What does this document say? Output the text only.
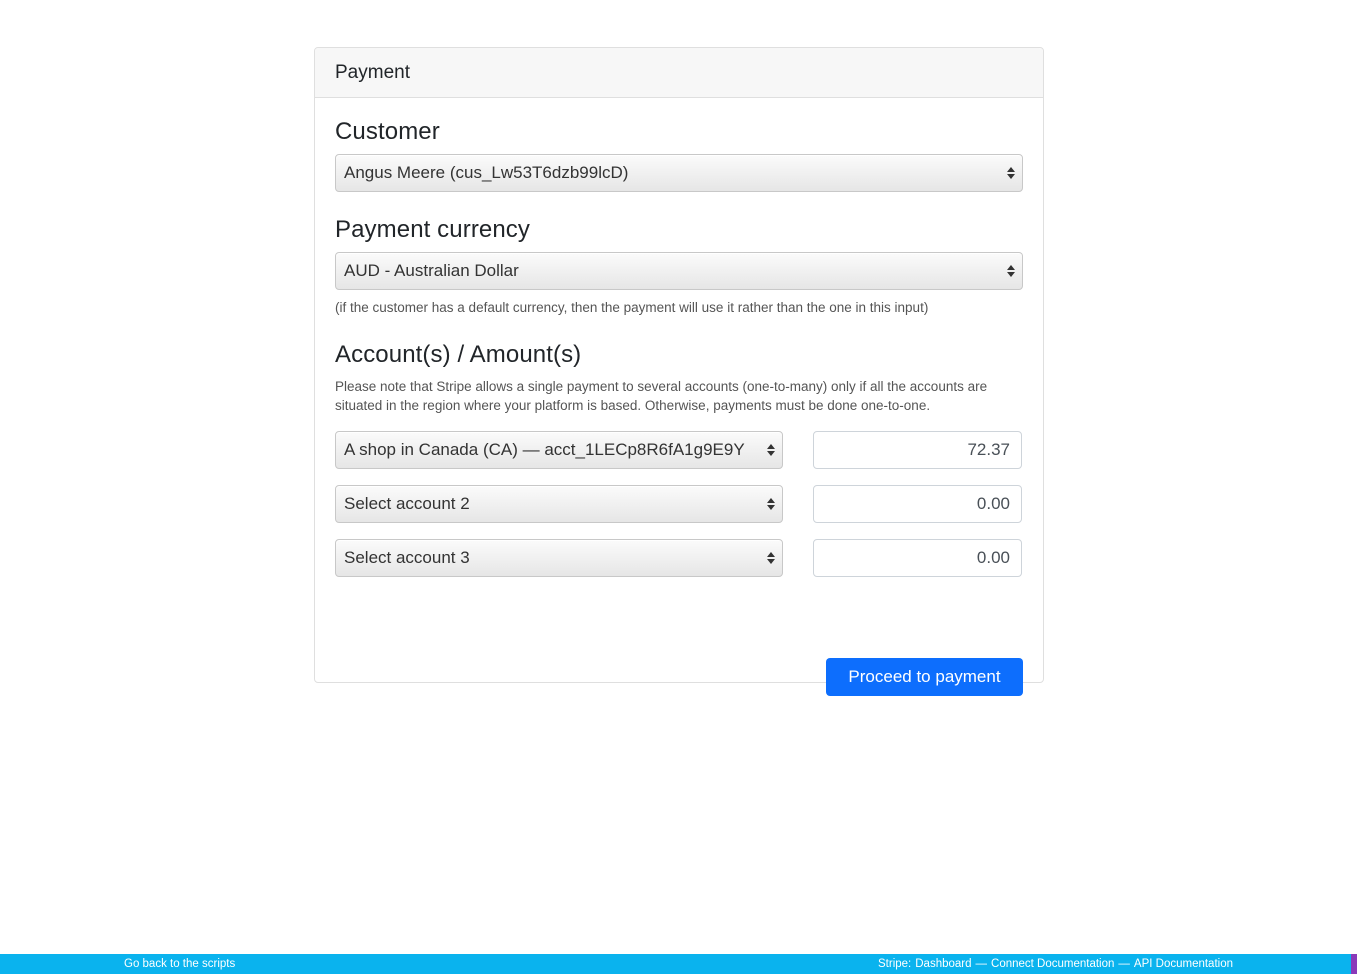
Payment
Customer
Angus Meere (cus_Lw53T6dzb99lcD)
Payment currency
AUD - Australian Dollar
(if the customer has a default currency, then the payment will use it rather than the one in this input)
Account(s) / Amount(s)
Please note that Stripe allows a single payment to several accounts (one-to-many) only if all the accounts are
situated in the region where your platform is based. Otherwise, payments must be done one-to-one.
A shop in Canada (CA) — acct_1LECp8R6fA1g9E9Y
72.37
Select account 2
0.00
Select account 3
0.00
Proceed to payment
Go back to the scripts	Stripe: Dashboard — Connect Documentation — API Documentation
